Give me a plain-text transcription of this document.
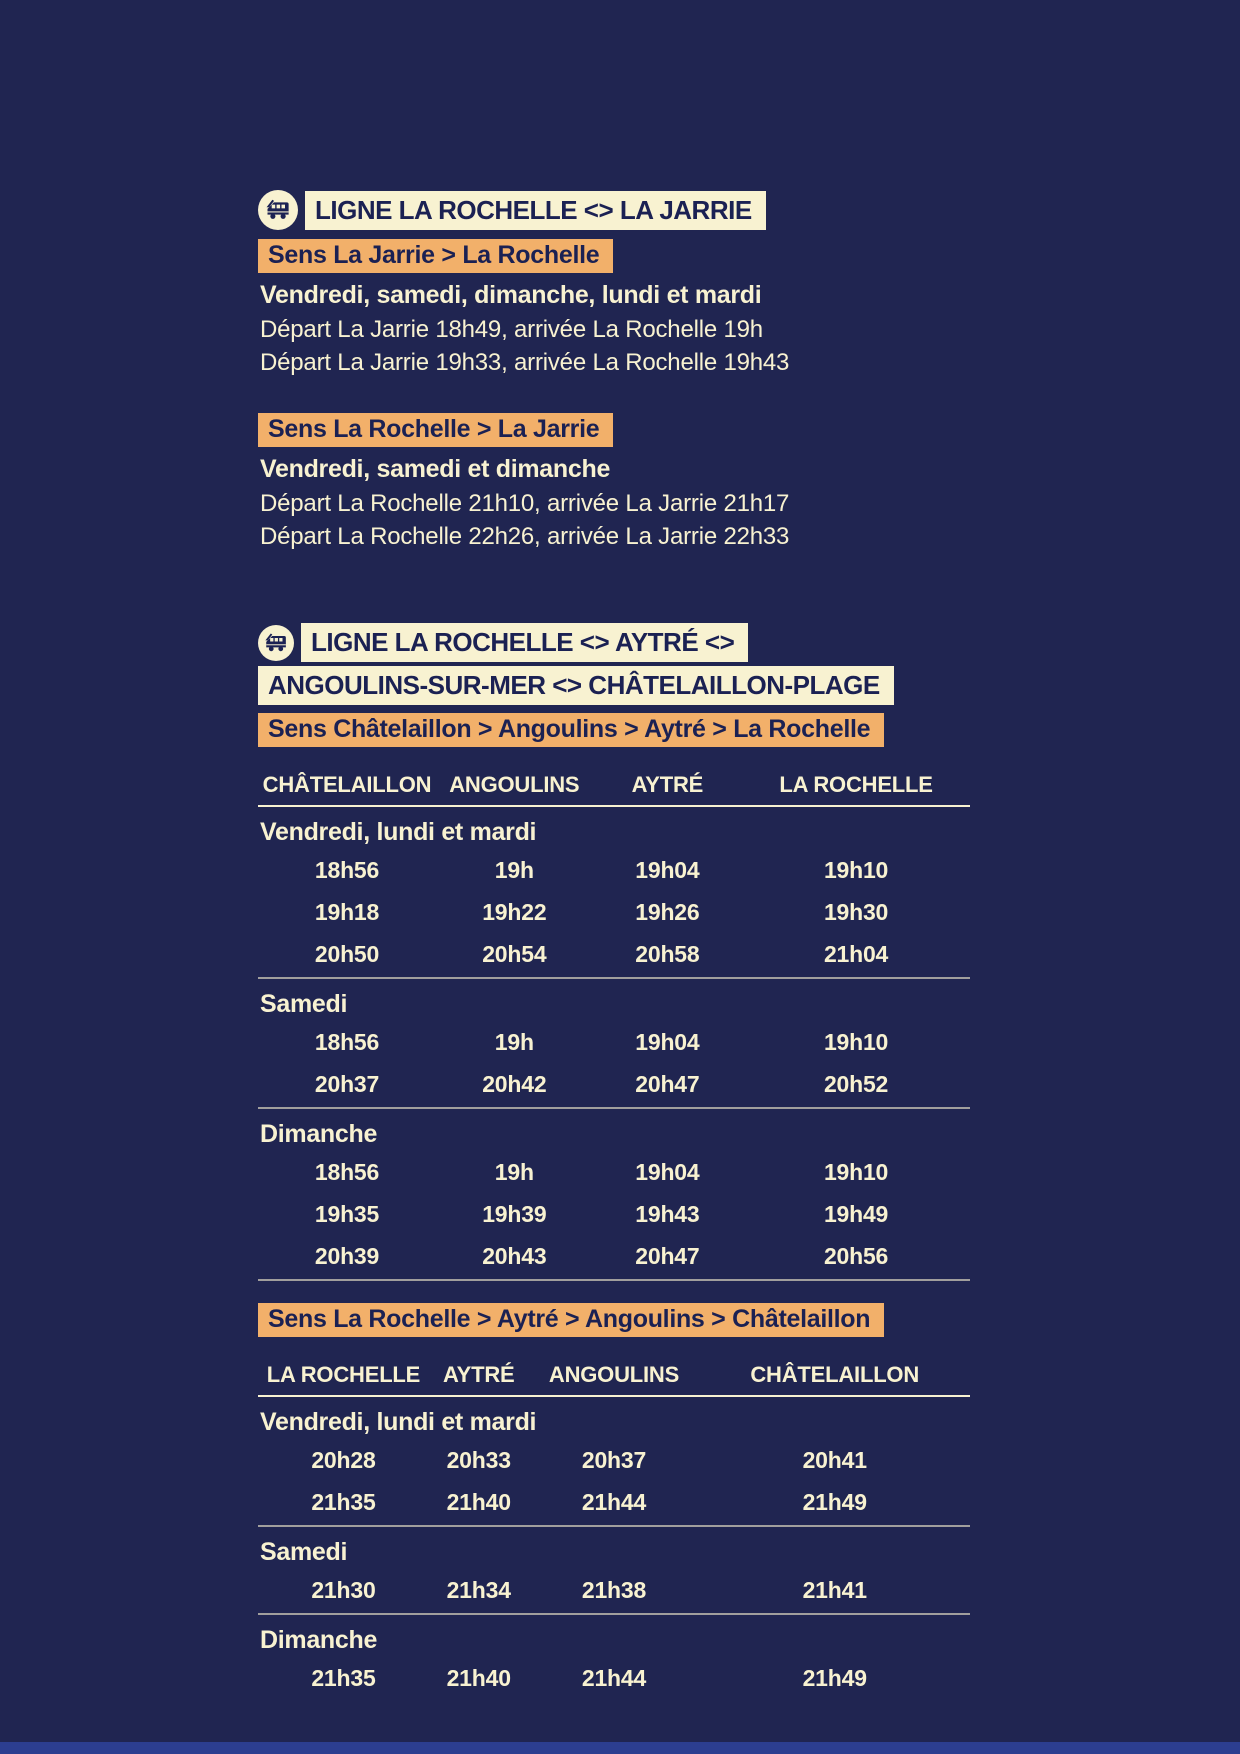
LIGNE LA ROCHELLE <> LA JARRIE
Sens La Jarrie > La Rochelle
Vendredi, samedi, dimanche, lundi et mardi
Départ La Jarrie 18h49, arrivée La Rochelle 19h
Départ La Jarrie 19h33, arrivée La Rochelle 19h43
Sens La Rochelle > La Jarrie
Vendredi, samedi et dimanche
Départ La Rochelle 21h10, arrivée La Jarrie 21h17
Départ La Rochelle 22h26, arrivée La Jarrie 22h33
LIGNE LA ROCHELLE <> AYTRÉ <>
ANGOULINS-SUR-MER <> CHÂTELAILLON-PLAGE
Sens Châtelaillon > Angoulins > Aytré > La Rochelle
CHÂTELAILLON ANGOULINS	AYTRÉ	LA ROCHELLE
Vendredi, lundi et mardi
18h56	19h	19h04	19h10
19h18	19h22	19h26	19h30
20h50	20h54	20h58	21h04
Samedi
18h56	19h	19h04	19h10
20h37	20h42	20h47	20h52
Dimanche
18h56	19h	19h04	19h10
19h35	19h39	19h43	19h49
20h39	20h43	20h47	20h56
Sens La Rochelle > Aytré > Angoulins > Châtelaillon
LA ROCHELLE	AYTRÉ	ANGOULINS	CHÂTELAILLON
Vendredi, lundi et mardi
20h28	20h33	20h37	20h41
21h35	21h40	21h44	21h49
Samedi
21h30	21h34	21h38	21h41
Dimanche
21h35	21h40	21h44	21h49
